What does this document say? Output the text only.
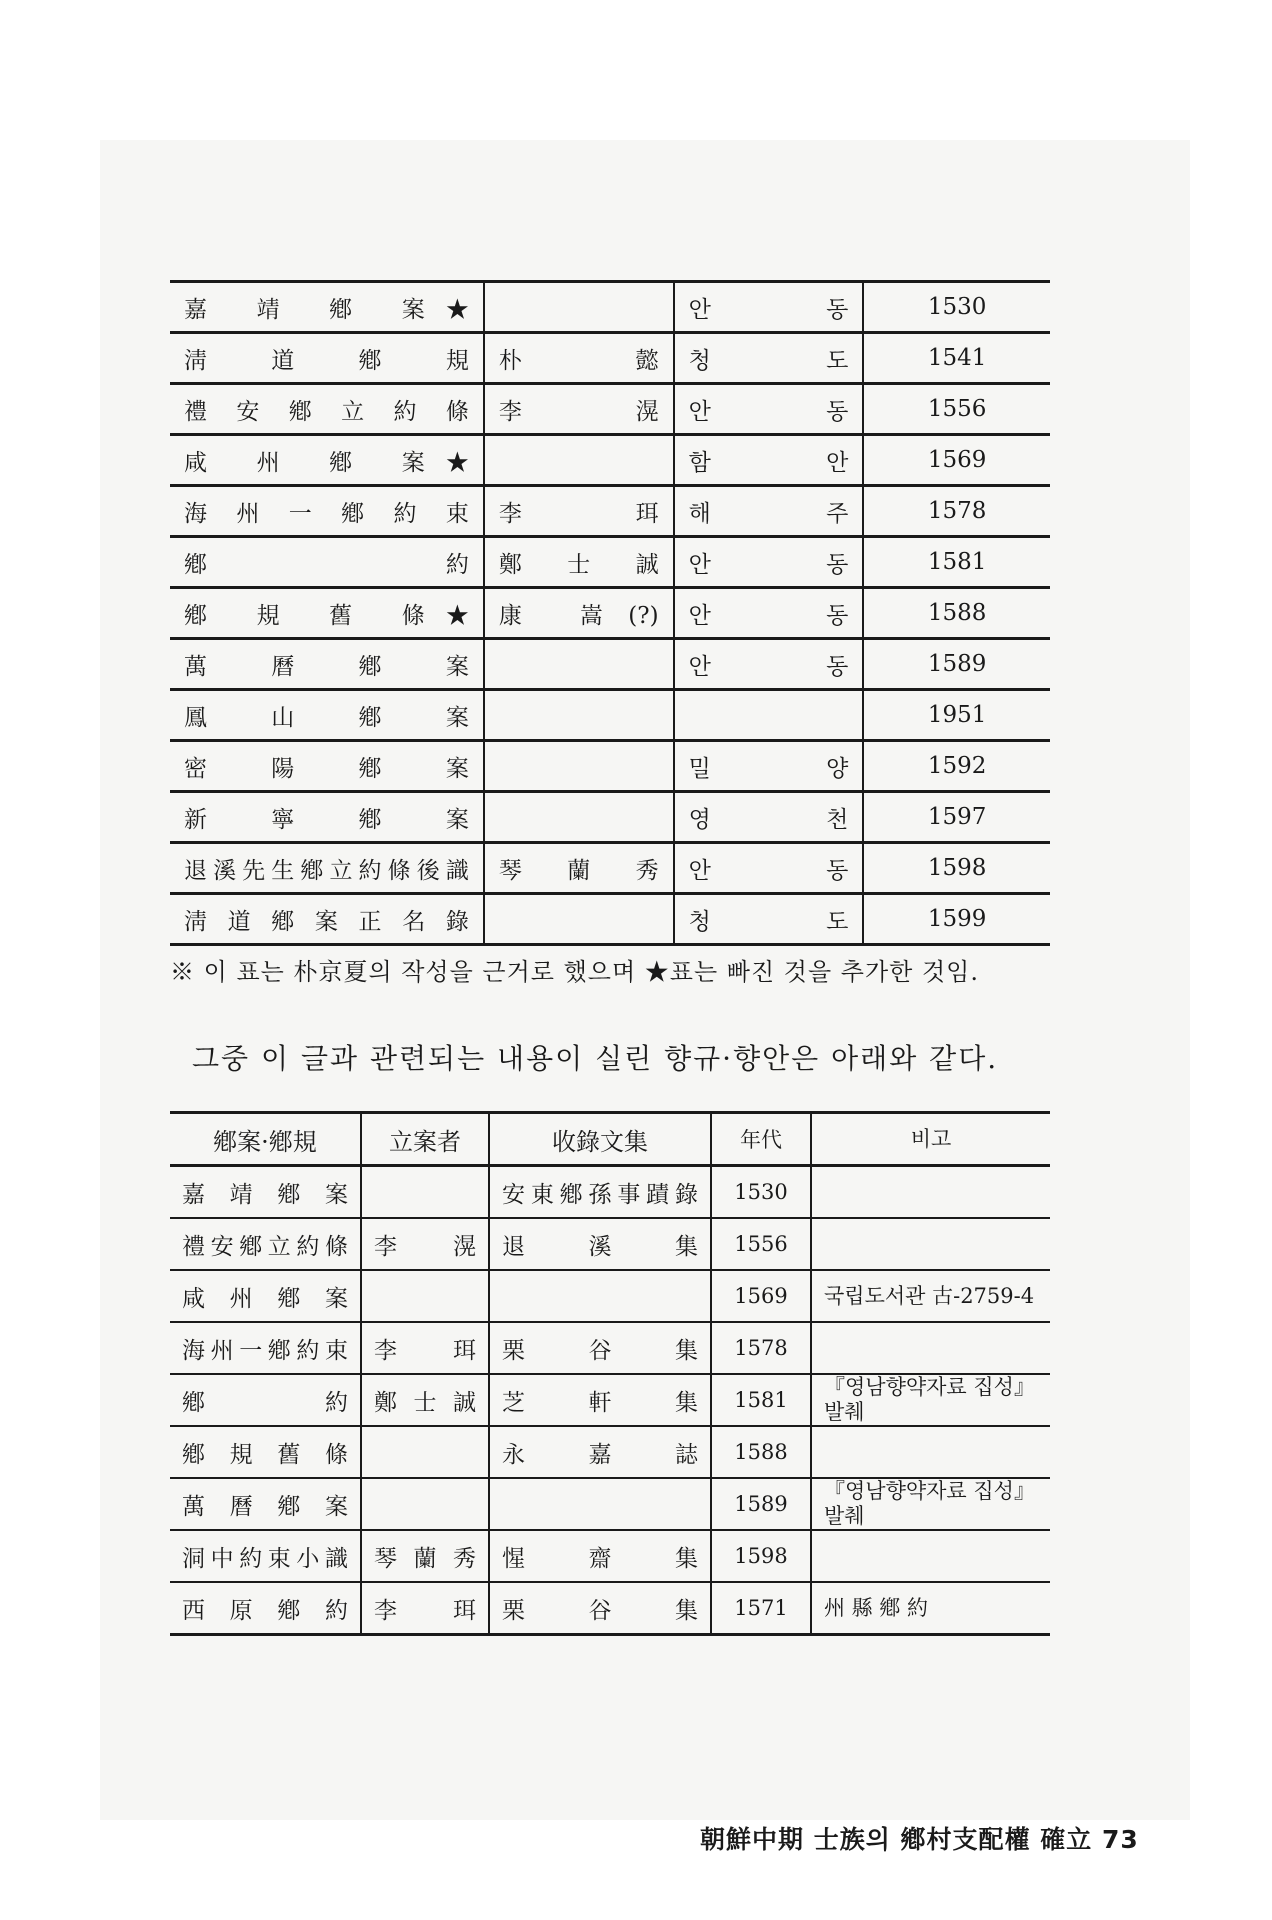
嘉 靖 鄕 案★		안 동	1530
淸 道 鄕 規	朴 懿	청 도	1541
禮安鄕立約條	李 滉	안 동	1556
咸 州 鄕 案★		함 안	1569
海州一鄕約束	李 珥	해 주	1578
鄕 約	鄭 士 誠	안 동	1581
鄕 規 舊 條★	康 嵩(?)	안 동	1588
萬 曆 鄕 案		안 동	1589
鳳 山 鄕 案			1951
密 陽 鄕 案		밀 양	1592
新 寧 鄕 案		영 천	1597
退溪先生鄕立約條後識	琴 蘭 秀	안 동	1598
淸道鄕案正名錄		청 도	1599
※ 이 표는 朴京夏의 작성을 근거로 했으며 ★표는 빠진 것을 추가한 것임.
그중 이 글과 관련되는 내용이 실린 향규·향안은 아래와 같다.
鄕案·鄕規	立案者	收錄文集	年代	비고
嘉 靖 鄕 案		安東鄕孫事蹟錄	1530	
禮安鄕立約條	李 滉	退 溪 集	1556	
咸 州 鄕 案			1569	국립도서관 古-2759-4
海州一鄕約束	李 珥	栗 谷 集	1578	
鄕 約	鄭士誠	芝 軒 集	1581	『영남향약자료 집성』발췌
鄕 規 舊 條		永 嘉 誌	1588	
萬 曆 鄕 案			1589	『영남향약자료 집성』발췌
洞中約束小識	琴蘭秀	惺 齋 集	1598	
西 原 鄕 約	李 珥	栗 谷 集	1571	州 縣 鄕 約
朝鮮中期 士族의 鄕村支配權 確立 73
